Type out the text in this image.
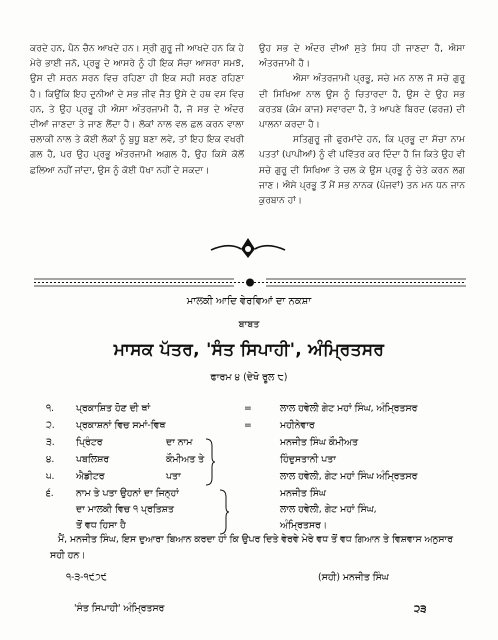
ਕਰਦੇ ਹਨ, ਪੈਨ ਚੈਨ ਆਖਦੇ ਹਨ। ਸ੍ਰੀ ਗੁਰੂ ਜੀ ਆਖਦੇ ਹਨ ਕਿ ਹੇ ਮੇਰੇ ਭਾਈ ਜਨੋ, ਪ੍ਰਭੂ ਦੇ ਆਸਰੇ ਨੂੰ ਹੀ ਇਕ ਸੱਚਾ ਆਸਰਾ ਸਮਝੋ, ਉਸ ਦੀ ਸਰਨ ਸਰਨ ਵਿਚ ਰਹਿਣਾ ਹੀ ਇਕ ਸਹੀ ਸਰਣ ਰਹਿਣਾ ਹੈ। ਕਿਉਂਕਿ ਇਹ ਦੁਨੀਆਂ ਦੇ ਸਭ ਜੀਵ ਜੈਤ ਉਸੇ ਦੇ ਹਥ ਵਸ ਵਿਚ ਹਨ, ਤੇ ਉਹ ਪ੍ਰਭੂ ਹੀ ਐਸਾ ਅੰਤਰਜਾਮੀ ਹੈ, ਜੋ ਸਭ ਦੇ ਅੰਦਰ ਦੀਆਂ ਜਾਣਦਾ ਤੇ ਜਾਣ ਲੈਂਦਾ ਹੈ। ਲੋਕਾਂ ਨਾਲ ਵਲ ਛਲ ਕਰਨ ਵਾਲਾ ਚਲਾਕੀ ਨਾਲ ਤੇ ਕੋਈ ਲੋਕਾਂ ਨੂੰ ਬੁਧੂ ਬਣਾ ਲਵੇ, ਤਾਂ ਇਹ ਇਕ ਵਖਰੀ ਗਲ ਹੈ, ਪਰ ਉਹ ਪ੍ਰਭੂ ਅੰਤਰਜਾਮੀ ਅਗਲ ਹੈ, ਉਹ ਕਿਸੇ ਕੋਲੋਂ ਛਲਿਆ ਨਹੀਂ ਜਾਂਦਾ, ਉਸ ਨੂੰ ਕੋਈ ਧੋਖਾ ਨਹੀਂ ਦੇ ਸਕਦਾ।

ਉਹ ਸਭ ਦੇ ਅੰਦਰ ਦੀਆਂ ਸੁਤੇ ਸਿਧ ਹੀ ਜਾਣਦਾ ਹੈ, ਐਸਾ ਅੰਤਰਜਾਮੀ ਹੈ।

ਐਸਾ ਅੰਤਰਜਾਮੀ ਪ੍ਰਭੂ, ਸਚੇ ਮਨ ਨਾਲ ਜੋ ਸਚੇ ਗੁਰੂ ਦੀ ਸਿਖਿਆ ਨਾਲ ਉਸ ਨੂੰ ਚਿਤਾਰਦਾ ਹੈ, ਉਸ ਦੇ ਉਹ ਸਭ ਕਰਤਬ (ਕੰਮ ਕਾਜ) ਸਵਾਰਦਾ ਹੈ, ਤੇ ਆਪਣੇ ਬਿਰਦ (ਫਰਜ਼) ਦੀ ਪਾਲਨਾ ਕਰਦਾ ਹੈ।

ਸਤਿਗੁਰੂ ਜੀ ਫੁਰਮਾਂਦੇ ਹਨ, ਕਿ ਪ੍ਰਭੂ ਦਾ ਸੱਚਾ ਨਾਮ ਪਤਤਾਂ (ਪਾਪੀਆਂ) ਨੂੰ ਵੀ ਪਵਿੱਤਰ ਕਰ ਦਿੰਦਾ ਹੈ ਜਿ ਕਿਤੇ ਉਹ ਵੀ ਸਚੇ ਗੁਰੂ ਦੀ ਸਿਖਿਆ ਤੇ ਚਲ ਕੇ ਉਸ ਪ੍ਰਭੂ ਨੂੰ ਚੇਤੇ ਕਰਨ ਲਗ ਜਾਣ। ਐਸੇ ਪ੍ਰਭੂ ਤੋਂ ਮੈਂ ਸਭ ਨਾਨਕ (ਪੰਜਵਾਂ) ਤਨ ਮਨ ਧਨ ਜਾਨ ਕੁਰਬਾਨ ਹਾਂ।

ਮਾਲਕੀ ਆਦਿ ਵੇਰਵਿਆਂ ਦਾ ਨਕਸ਼ਾ
ਬਾਬਤ
ਮਾਸਕ ਪੱਤਰ, 'ਸੰਤ ਸਿਪਾਹੀ', ਅੰਮ੍ਰਿਤਸਰ
ਫਾਰਮ ੪ (ਦੇਖੋ ਰੂਲ ੮)
੧. ਪ੍ਰਕਾਸ਼ਿਤ ਹੋਣ ਦੀ ਥਾਂ	=	ਲਾਲ ਹਵੇਲੀ ਗੇਟ ਮਹਾਂ ਸਿੰਘ, ਅੰਮ੍ਰਿਤਸਰ
੨. ਪ੍ਰਕਾਸ਼ਨਾਂ ਵਿਚ ਸਮਾਂ-ਵਿਥ	=	ਮਹੀਨੇਵਾਰ
੩. ਪ੍ਰਿੰਟਰ	ਦਾ ਨਾਮ	ਮਨਜੀਤ ਸਿੰਘ ਕੌਮੀਅਤ
੪. ਪਬਲਿਸ਼ਰ	ਕੌਮੀਅਤ ਤੇ	ਹਿੰਦੁਸਤਾਨੀ ਪਤਾ
੫. ਐਡੀਟਰ	ਪਤਾ	ਲਾਲ ਹਵੇਲੀ, ਗੇਟ ਮਹਾਂ ਸਿੰਘ ਅੰਮ੍ਰਿਤਸਰ
੬. ਨਾਮ ਤੇ ਪਤਾ ਉਹਨਾਂ ਦਾ ਜਿਨ੍ਹਾਂ	ਮਨਜੀਤ ਸਿੰਘ
ਦਾ ਮਾਲਕੀ ਵਿਚ ੧ ਪ੍ਰਤਿਸ਼ਤ	ਲਾਲ ਹਵੇਲੀ, ਗੇਟ ਮਹਾਂ ਸਿੰਘ,
ਤੋਂ ਵਧ ਹਿਸਾ ਹੈ	ਅੰਮ੍ਰਿਤਸਰ।
ਮੈਂ, ਮਨਜੀਤ ਸਿੰਘ, ਇਸ ਦੁਆਰਾ ਬਿਆਨ ਕਰਦਾ ਹਾਂ ਕਿ ਉਪਰ ਦਿਤੇ ਵੇਰਵੇ ਮੇਰੇ ਵਧ ਤੋਂ ਵਧ ਗਿਆਨ ਤੇ ਵਿਸ਼ਵਾਸ ਅਨੁਸਾਰ ਸਹੀ ਹਨ।
੧-੩-੧੯੭੯	(ਸਹੀ) ਮਨਜੀਤ ਸਿੰਘ
'ਸੰਤ ਸਿਪਾਹੀ' ਅੰਮ੍ਰਿਤਸਰ	੨੩
